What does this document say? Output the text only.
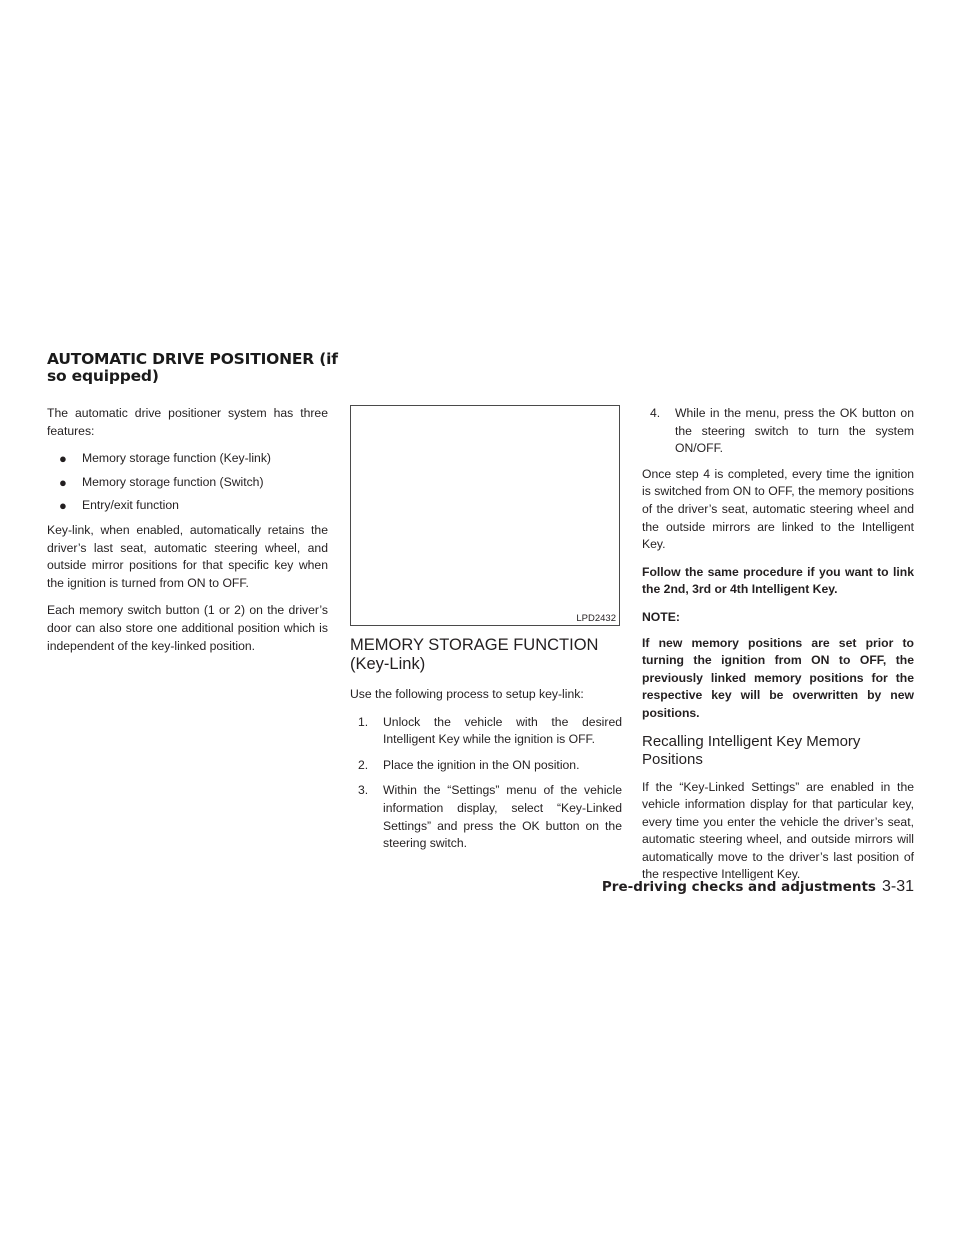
AUTOMATIC DRIVE POSITIONER (if so equipped)

The automatic drive positioner system has three features:

● Memory storage function (Key-link)
● Memory storage function (Switch)
● Entry/exit function

Key-link, when enabled, automatically retains the driver’s last seat, automatic steering wheel, and outside mirror positions for that specific key when the ignition is turned from ON to OFF.

Each memory switch button (1 or 2) on the driver’s door can also store one additional position which is independent of the key-linked position.

LPD2432
MEMORY STORAGE FUNCTION (Key-Link)

Use the following process to setup key-link:

1. Unlock the vehicle with the desired Intelligent Key while the ignition is OFF.
2. Place the ignition in the ON position.
3. Within the “Settings” menu of the vehicle information display, select “Key-Linked Settings” and press the OK button on the steering switch.
4. While in the menu, press the OK button on the steering switch to turn the system ON/OFF.

Once step 4 is completed, every time the ignition is switched from ON to OFF, the memory positions of the driver’s seat, automatic steering wheel and the outside mirrors are linked to the Intelligent Key.

Follow the same procedure if you want to link the 2nd, 3rd or 4th Intelligent Key.

NOTE:

If new memory positions are set prior to turning the ignition from ON to OFF, the previously linked memory positions for the respective key will be overwritten by new positions.

Recalling Intelligent Key Memory Positions

If the “Key-Linked Settings” are enabled in the vehicle information display for that particular key, every time you enter the vehicle the driver’s seat, automatic steering wheel, and outside mirrors will automatically move to the driver’s last position of the respective Intelligent Key.

Pre-driving checks and adjustments 3-31
